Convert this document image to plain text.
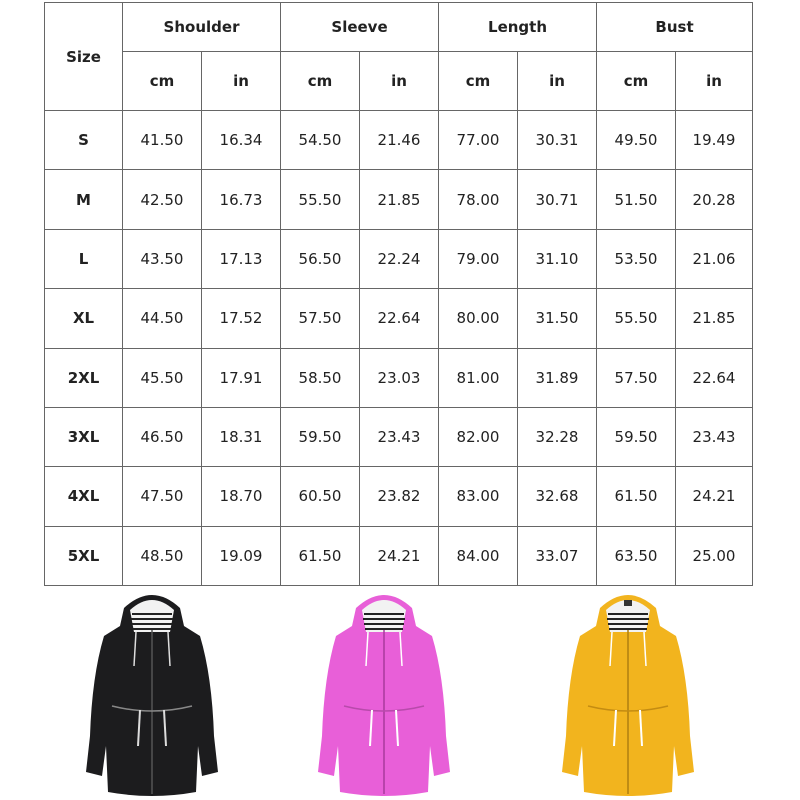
Size	Shoulder		Sleeve		Length		Bust	
	cm	in	cm	in	cm	in	cm	in
S	41.50	16.34	54.50	21.46	77.00	30.31	49.50	19.49
M	42.50	16.73	55.50	21.85	78.00	30.71	51.50	20.28
L	43.50	17.13	56.50	22.24	79.00	31.10	53.50	21.06
XL	44.50	17.52	57.50	22.64	80.00	31.50	55.50	21.85
2XL	45.50	17.91	58.50	23.03	81.00	31.89	57.50	22.64
3XL	46.50	18.31	59.50	23.43	82.00	32.28	59.50	23.43
4XL	47.50	18.70	60.50	23.82	83.00	32.68	61.50	24.21
5XL	48.50	19.09	61.50	24.21	84.00	33.07	63.50	25.00
